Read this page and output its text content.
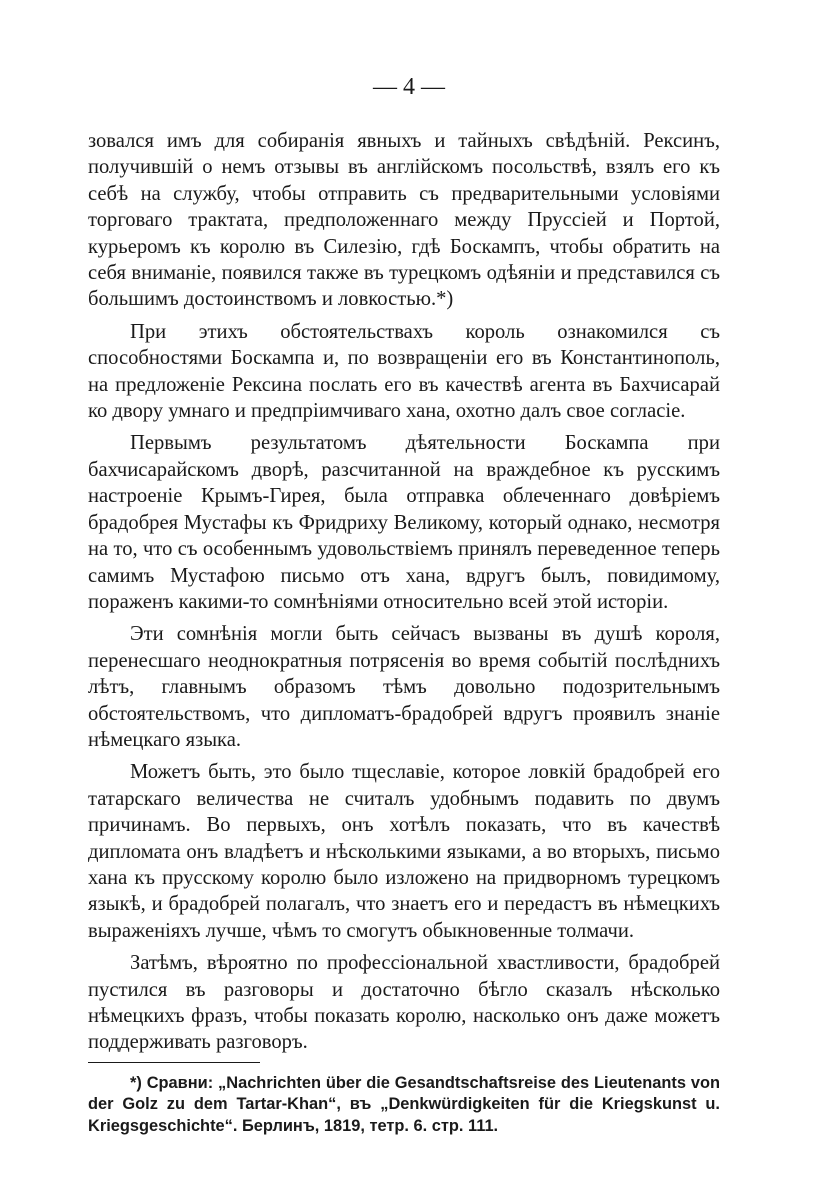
— 4 —

зовался имъ для собиранія явныхъ и тайныхъ свѣдѣній. Рексинъ, получившій о немъ отзывы въ англійскомъ посольствѣ, взялъ его къ себѣ на службу, чтобы отправить съ предварительными условіями торговаго трактата, предположеннаго между Пруссіей и Портой, курьеромъ къ королю въ Силезію, гдѣ Боскампъ, чтобы обратить на себя вниманіе, появился также въ турецкомъ одѣяніи и представился съ большимъ достоинствомъ и ловкостью.*)

При этихъ обстоятельствахъ король ознакомился съ способностями Боскампа и, по возвращеніи его въ Константинополь, на предложеніе Рексина послать его въ качествѣ агента въ Бахчисарай ко двору умнаго и предпріимчиваго хана, охотно далъ свое согласіе.

Первымъ результатомъ дѣятельности Боскампа при бахчисарайскомъ дворѣ, разсчитанной на враждебное къ русскимъ настроеніе Крымъ-Гирея, была отправка облеченнаго довѣріемъ брадобрея Мустафы къ Фридриху Великому, который однако, несмотря на то, что съ особеннымъ удовольствіемъ принялъ переведенное теперь самимъ Мустафою письмо отъ хана, вдругъ былъ, повидимому, пораженъ какими-то сомнѣніями относительно всей этой исторіи.

Эти сомнѣнія могли быть сейчасъ вызваны въ душѣ короля, перенесшаго неоднократныя потрясенія во время событій послѣднихъ лѣтъ, главнымъ образомъ тѣмъ довольно подозрительнымъ обстоятельствомъ, что дипломатъ-брадобрей вдругъ проявилъ знаніе нѣмецкаго языка.

Можетъ быть, это было тщеславіе, которое ловкій брадобрей его татарскаго величества не считалъ удобнымъ подавить по двумъ причинамъ. Во первыхъ, онъ хотѣлъ показать, что въ качествѣ дипломата онъ владѣетъ и нѣсколькими языками, а во вторыхъ, письмо хана къ прусскому королю было изложено на придворномъ турецкомъ языкѣ, и брадобрей полагалъ, что знаетъ его и передастъ въ нѣмецкихъ выраженіяхъ лучше, чѣмъ то смогутъ обыкновенные толмачи.

Затѣмъ, вѣроятно по профессіональной хвастливости, брадобрей пустился въ разговоры и достаточно бѣгло сказалъ нѣсколько нѣмецкихъ фразъ, чтобы показать королю, насколько онъ даже можетъ поддерживать разговоръ.

*) Сравни: „Nachrichten über die Gesandtschaftsreise des Lieutenants von der Golz zu dem Tartar-Khan“, въ „Denkwürdigkeiten für die Kriegskunst u. Kriegsgeschichte“. Берлинъ, 1819, тетр. 6. стр. 111.
